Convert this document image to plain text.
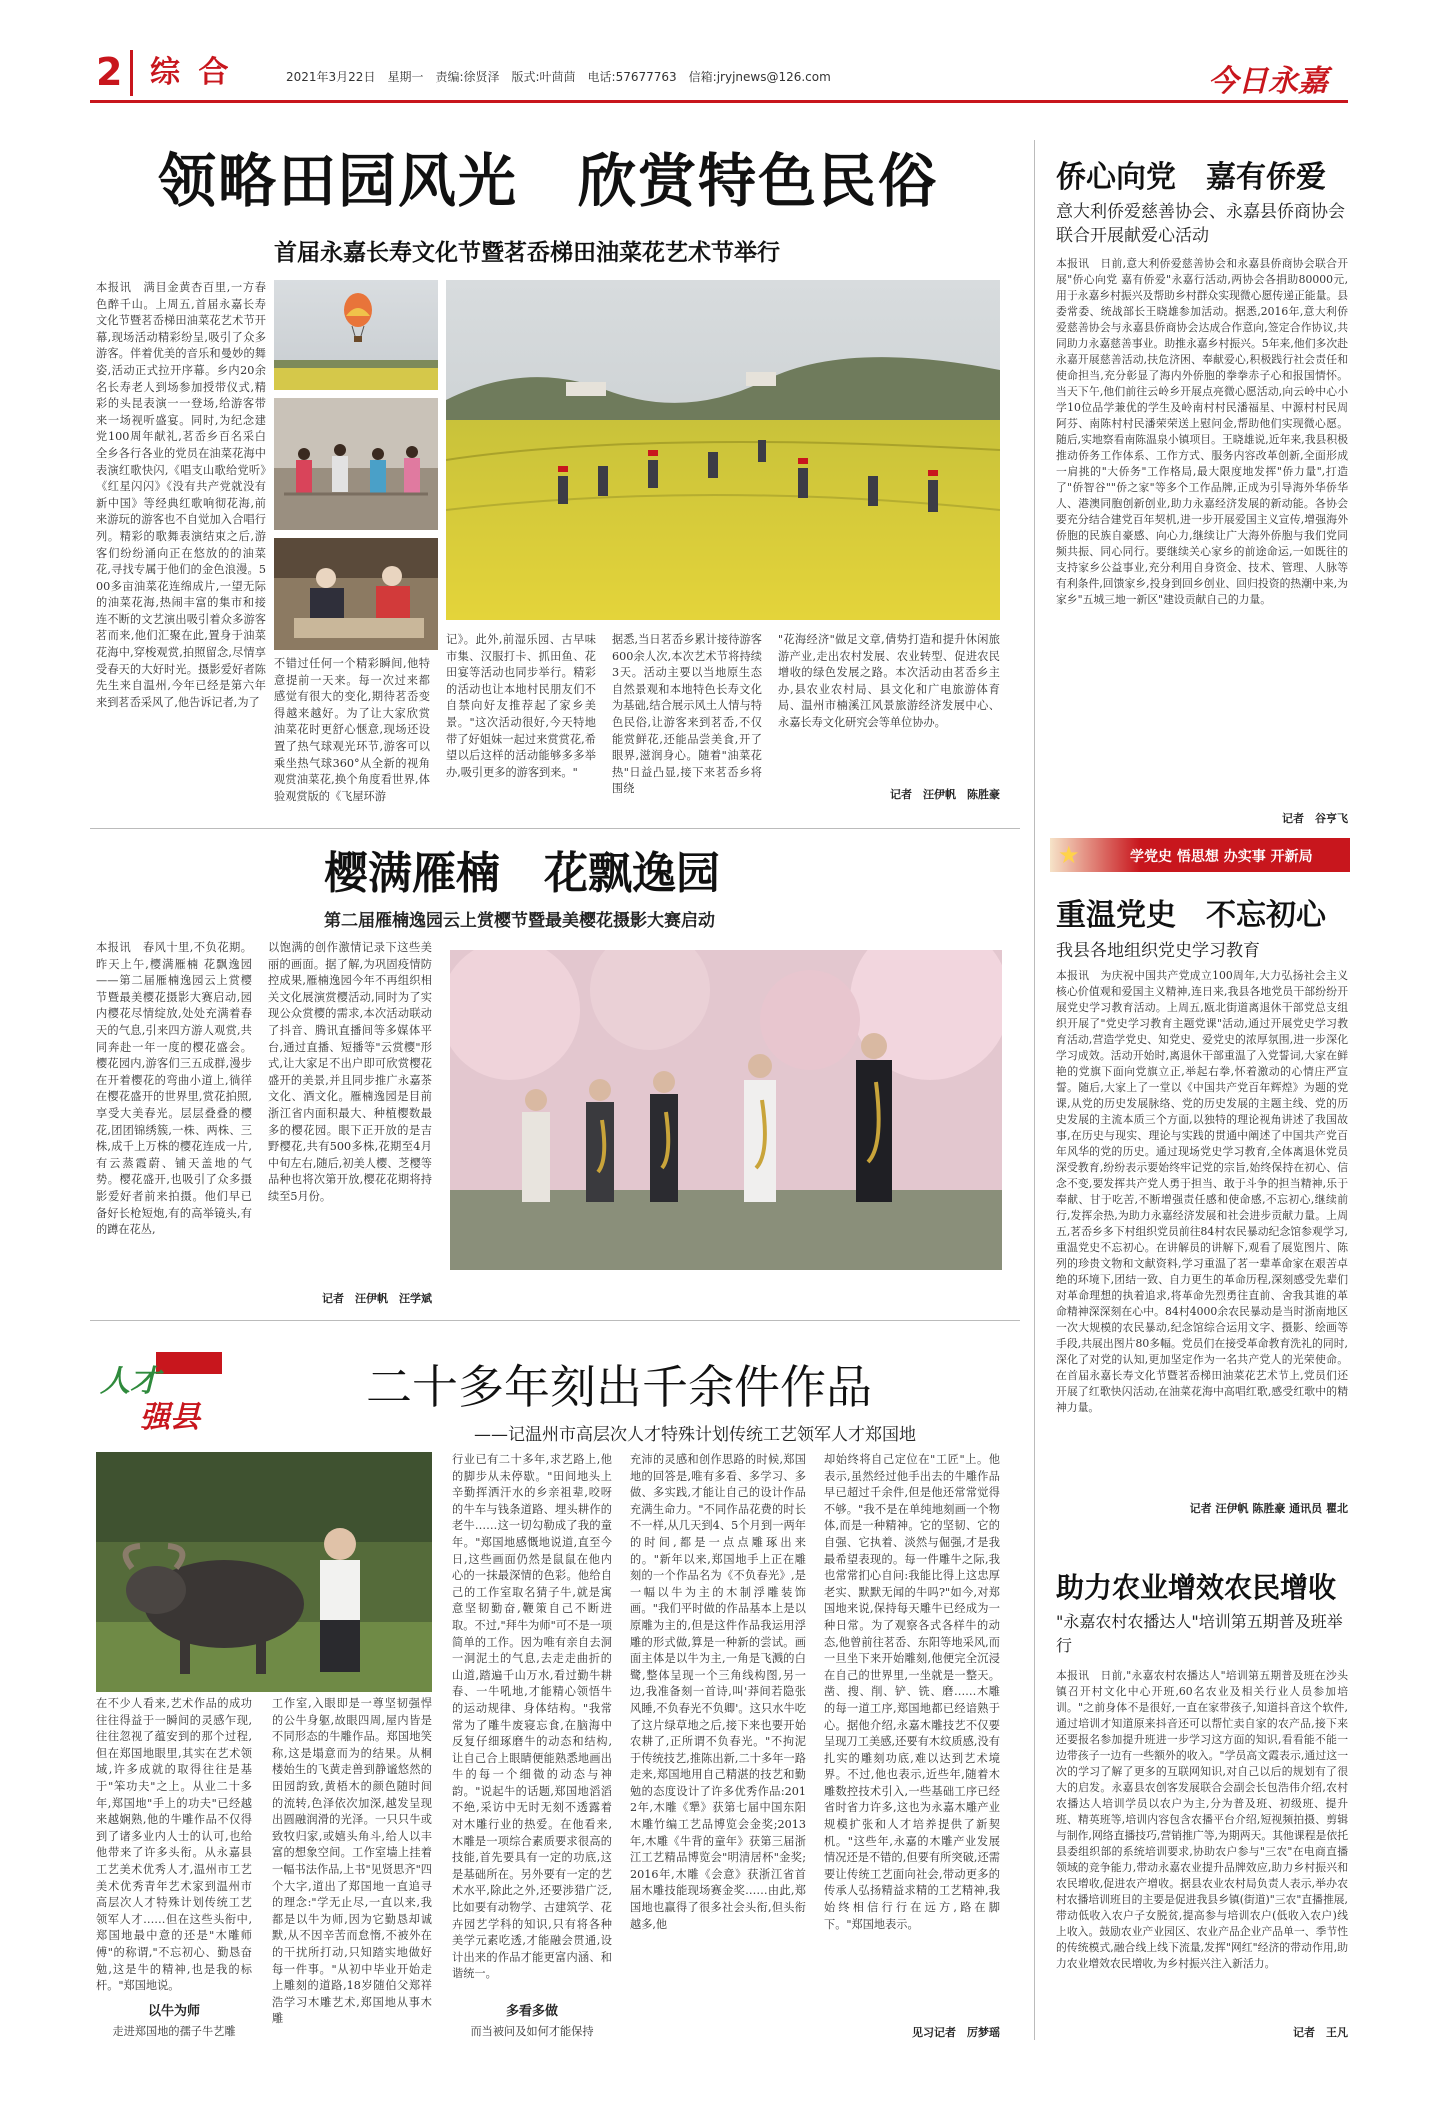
2 综 合	2021年3月22日　星期一　责编:徐贤泽　版式:叶茴茴　电话:57677763　信箱:jryjnews@126.com	今日永嘉
领略田园风光　欣赏特色民俗
首届永嘉长寿文化节暨茗岙梯田油菜花艺术节举行
本报讯　满目金黄杏百里,一方春色醉千山。上周五,首届永嘉长寿文化节暨茗岙梯田油菜花艺术节开幕,现场活动精彩纷呈,吸引了众多游客。伴着优美的音乐和曼妙的舞姿,活动正式拉开序幕。乡内20余名长寿老人到场参加授带仪式,精彩的头昆表演一一登场,给游客带来一场视听盛宴。同时,为纪念建党100周年献礼,茗岙乡百名采白全乡各行各业的党员在油菜花海中表演红歌快闪,《唱支山歌给党听》《红星闪闪》《没有共产党就没有新中国》等经典红歌响彻花海,前来游玩的游客也不自觉加入合唱行列。精彩的歌舞表演结束之后,游客们纷纷涌向正在悠放的的油菜花,寻找专属于他们的金色浪漫。500多亩油菜花连绵成片,一望无际的油菜花海,热闹丰富的集市和接连不断的文艺演出吸引着众多游客茗而来,他们汇聚在此,置身于油菜花海中,穿梭观赏,拍照留念,尽情享受春天的大好时光。摄影爱好者陈先生来自温州,今年已经是第六年来到茗岙采风了,他告诉记者,为了
不错过任何一个精彩瞬间,他特意提前一天来。每一次过来都感觉有很大的变化,期待茗岙变得越来越好。为了让大家欣赏油菜花时更舒心惬意,现场还设置了热气球观光环节,游客可以乘坐热气球360°从全新的视角观赏油菜花,换个角度看世界,体验观赏版的《飞屋环游
记》。此外,前湿乐园、古早味市集、汉服打卡、抓田鱼、花田宴等活动也同步举行。精彩的活动也让本地村民朋友们不自禁向好友推荐起了家乡美景。"这次活动很好,今天特地带了好姐妹一起过来赏赏花,希望以后这样的活动能够多多举办,吸引更多的游客到来。"
据悉,当日茗岙乡累计接待游客600余人次,本次艺术节将持续3天。活动主要以当地原生态自然景观和本地特色长寿文化为基础,结合展示风土人情与特色民俗,让游客来到茗岙,不仅能赏鲜花,还能品尝美食,开了眼界,滋润身心。随着"油菜花热"日益凸显,接下来茗岙乡将围绕
"花海经济"做足文章,倩势打造和提升休闲旅游产业,走出农村发展、农业转型、促进农民增收的绿色发展之路。本次活动由茗岙乡主办,县农业农村局、县文化和广电旅游体育局、温州市楠溪江风景旅游经济发展中心、永嘉长寿文化研究会等单位协办。
记者　汪伊帆　陈胜豪
侨心向党　嘉有侨爱
意大利侨爱慈善协会、永嘉县侨商协会联合开展献爱心活动
本报讯　日前,意大利侨爱慈善协会和永嘉县侨商协会联合开展"侨心向党 嘉有侨爱"永嘉行活动,两协会各捐助80000元,用于永嘉乡村振兴及帮助乡村群众实现微心愿传递正能量。县委常委、统战部长王晓雄参加活动。据悉,2016年,意大利侨爱慈善协会与永嘉县侨商协会达成合作意向,签定合作协议,共同助力永嘉慈善事业。助推永嘉乡村振兴。5年来,他们多次赴永嘉开展慈善活动,扶危济困、奉献爱心,积极践行社会责任和使命担当,充分彰显了海内外侨胞的拳拳赤子心和报国情怀。当天下午,他们前往云岭乡开展点亮微心愿活动,向云岭中心小学10位品学兼优的学生及岭南村村民潘福星、中源村村民周阿芬、南陈村村民潘荣荣送上慰问金,帮助他们实现微心愿。随后,实地察看南陈温泉小镇项目。王晓雄说,近年来,我县积极推动侨务工作体系、工作方式、服务内容改革创新,全面形成一肩挑的"大侨务"工作格局,最大限度地发挥"侨力量",打造了"侨智谷""侨之家"等多个工作品牌,正成为引导海外华侨华人、港澳同胞创新创业,助力永嘉经济发展的新动能。各协会要充分结合建党百年契机,进一步开展爱国主义宣传,增强海外侨胞的民族自豪感、向心力,继续让广大海外侨胞与我们党同频共振、同心同行。要继续关心家乡的前途命运,一如既往的支持家乡公益事业,充分利用自身资金、技术、管理、人脉等有利条件,回馈家乡,投身到回乡创业、回归投资的热潮中来,为家乡"五城三地一新区"建设贡献自己的力量。
记者　谷亨飞
★	学党史 悟思想 办实事 开新局
樱满雁楠　花飘逸园
第二届雁楠逸园云上赏樱节暨最美樱花摄影大赛启动
本报讯　春风十里,不负花期。昨天上午,樱满雁楠 花飘逸园——第二届雁楠逸园云上赏樱节暨最美樱花摄影大赛启动,园内樱花尽情绽放,处处充满着春天的气息,引来四方游人观赏,共同奔赴一年一度的樱花盛会。樱花园内,游客们三五成群,漫步在开着樱花的弯曲小道上,徜徉在樱花盛开的世界里,赏花拍照,享受大美春光。层层叠叠的樱花,团团锦绣簇,一株、两株、三株,成千上万株的樱花连成一片,有云蒸霞蔚、铺天盖地的气势。樱花盛开,也吸引了众多摄影爱好者前来拍摄。他们早已备好长枪短炮,有的高举镜头,有的蹲在花丛,
以饱满的创作激情记录下这些美丽的画面。据了解,为巩固疫情防控成果,雁楠逸园今年不再组织相关文化展演赏樱活动,同时为了实现公众赏樱的需求,本次活动联动了抖音、腾讯直播间等多媒体平台,通过直播、短播等"云赏樱"形式,让大家足不出户即可欣赏樱花盛开的美景,并且同步推广永嘉茶文化、酒文化。雁楠逸园是目前浙江省内面积最大、种植樱数最多的樱花园。眼下正开放的是吉野樱花,共有500多株,花期至4月中旬左右,随后,初美人樱、芝樱等品种也将次第开放,樱花花期将持续至5月份。
记者　汪伊帆　汪学斌
重温党史　不忘初心
我县各地组织党史学习教育
本报讯　为庆祝中国共产党成立100周年,大力弘扬社会主义核心价值观和爱国主义精神,连日来,我县各地党员干部纷纷开展党史学习教育活动。上周五,瓯北街道离退休干部党总支组织开展了"党史学习教育主题党课"活动,通过开展党史学习教育活动,营造学党史、知党史、爱党史的浓厚氛围,进一步深化学习成效。活动开始时,离退休干部重温了入党誓词,大家在鲜艳的党旗下面向党旗立正,举起右拳,怀着激动的心情庄严宣誓。随后,大家上了一堂以《中国共产党百年辉煌》为题的党课,从党的历史发展脉络、党的历史发展的主题主线、党的历史发展的主流本质三个方面,以独特的理论视角讲述了我国故事,在历史与现实、理论与实践的贯通中阐述了中国共产党百年风华的党的历史。通过现场党史学习教育,全体离退休党员深受教育,纷纷表示要始终牢记党的宗旨,始终保持在初心、信念不变,要发挥共产党人勇于担当、敢于斗争的担当精神,乐于奉献、甘于吃苦,不断增强责任感和使命感,不忘初心,继续前行,发挥余热,为助力永嘉经济发展和社会进步贡献力量。上周五,茗岙乡多下村组织党员前往84村农民暴动纪念馆参观学习,重温党史不忘初心。在讲解员的讲解下,观看了展览图片、陈列的珍贵文物和文献资料,学习重温了茗一辈革命家在艰苦卓绝的环境下,团结一致、自力更生的革命历程,深刻感受先辈们对革命理想的执着追求,将革命先烈勇往直前、舍我其谁的革命精神深深刻在心中。84村4000余农民暴动是当时浙南地区一次大规模的农民暴动,纪念馆综合运用文字、摄影、绘画等手段,共展出图片80多幅。党员们在接受革命教育洗礼的同时,深化了对党的认知,更加坚定作为一名共产党人的光荣使命。在首届永嘉长寿文化节暨茗岙梯田油菜花艺术节上,党员们还开展了红歌快闪活动,在油菜花海中高唱红歌,感受红歌中的精神力量。
记者 汪伊帆 陈胜豪 通讯员 瞿北
人才
强县
二十多年刻出千余件作品
——记温州市高层次人才特殊计划传统工艺领军人才郑国地
在不少人看来,艺术作品的成功往往得益于一瞬间的灵感乍现,往往忽视了蕴安到的那个过程,但在郑国地眼里,其实在艺术领域,许多成就的取得往往是基于"笨功夫"之上。从业二十多年,郑国地"手上的功夫"已经越来越娴熟,他的牛雕作品不仅得到了诸多业内人士的认可,也给他带来了许多头衔。从永嘉县工艺美术优秀人才,温州市工艺美术优秀青年艺术家到温州市高层次人才特殊计划传统工艺领军人才……但在这些头衔中,郑国地最中意的还是"木雕师傅"的称谓,"不忘初心、勤恳奋勉,这是牛的精神,也是我的标杆。"郑国地说。
以牛为师
走进郑国地的孺子牛艺雕
工作室,入眼即是一尊坚韧强悍的公牛身躯,故眼四周,屋内皆是不同形态的牛雕作品。郑国地笑称,这是塌意而为的结果。从桐楼始生的飞黄走兽到静谧悠然的田园韵致,黄梧木的颜色随时间的流转,色泽依次加深,越发呈现出圆融润滑的光泽。一只只牛或致牧归家,或嬉头角斗,给人以丰富的想象空间。工作室墙上挂着一幅书法作品,上书"见贤思齐"四个大字,道出了郑国地一直追寻的理念:"学无止尽,一直以来,我都是以牛为师,因为它勤恳却诚默,从不因辛苦而怠惰,不被外在的干扰所打动,只知踏实地做好每一件事。"从初中毕业开始走上雕刻的道路,18岁随伯父郑祥浩学习木雕艺术,郑国地从事木雕
行业已有二十多年,求艺路上,他的脚步从未停歇。"田间地头上辛勤挥洒汗水的乡亲祖辈,咬呀的牛车与钱条道路、埋头耕作的老牛……这一切勾勒成了我的童年。"郑国地感慨地说道,直至今日,这些画面仍然是鼠鼠在他内心的一抹最深情的色彩。他给自己的工作室取名猜子牛,就是寓意坚韧勤奋,鞭策自己不断进取。不过,"拜牛为师"可不是一项简单的工作。因为唯有亲自去洞一洞泥土的气息,去走走曲折的山道,踏遍千山万水,看过勤牛耕春、一牛吼地,才能精心领悟牛的运动规律、身体结构。"我常常为了雕牛废寝忘食,在脑海中反复仔细琢磨牛的动态和结构,让自己合上眼睛便能熟悉地画出牛的每一个细微的动态与神韵。"说起牛的话题,郑国地滔滔不绝,采访中无时无刻不透露着对木雕行业的热爱。在他看来,木雕是一项综合素质要求很高的技能,首先要具有一定的功底,这是基础所在。另外要有一定的艺术水平,除此之外,还要涉猎广泛,比如要有动物学、古建筑学、花卉园艺学科的知识,只有将各种美学元素吃透,才能融会贯通,设计出来的作品才能更富内涵、和谐统一。
多看多做
而当被问及如何才能保持
充沛的灵感和创作思路的时候,郑国地的回答是,唯有多看、多学习、多做、多实践,才能让自己的设计作品充满生命力。"不同作品花费的时长不一样,从几天到4、5个月到一两年的时间,都是一点点雕琢出来的。"新年以来,郑国地手上正在雕刻的一个作品名为《不负春光》,是一幅以牛为主的木制浮雕装饰画。"我们平时做的作品基本上是以原雕为主的,但是这件作品我运用浮雕的形式做,算是一种新的尝试。画面主体是以牛为主,一角是飞溅的白鹭,整体呈现一个三角线构图,另一边,我准备刻一首诗,叫'莽间若隐张风睡,不负春光不负卿'。这只水牛吃了这片绿草地之后,接下来也要开始农耕了,正所谓不负春光。"不拘泥于传统技艺,推陈出新,二十多年一路走来,郑国地用自己精湛的技艺和勤勉的态度设计了许多优秀作品:2012年,木雕《犟》获第七届中国东阳木雕竹编工艺品博览会金奖;2013年,木雕《牛背的童年》获第三届浙江工艺精品博览会"明清居杯"金奖;2016年,木雕《会意》获浙江省首届木雕技能现场赛金奖……由此,郑国地也赢得了很多社会头衔,但头衔越多,他
却始终将自己定位在"工匠"上。他表示,虽然经过他手出去的牛雕作品早已超过千余件,但是他还常常觉得不够。"我不是在单纯地刻画一个物体,而是一种精神。它的坚韧、它的自强、它执着、淡然与倔强,才是我最希望表现的。每一件雕牛之际,我也常常扪心自问:我能比得上这忠厚老实、默默无闻的牛吗?"如今,对郑国地来说,保持每天雕牛已经成为一种日常。为了观察各式各样牛的动态,他曾前往茗岙、东阳等地采风,而一旦坐下来开始雕刻,他便完全沉浸在自己的世界里,一坐就是一整天。凿、搜、削、铲、铣、磨……木雕的每一道工序,郑国地都已经谙熟于心。据他介绍,永嘉木雕技艺不仅要呈现刀工美感,还要有木纹质感,没有扎实的雕刻功底,难以达到艺术境界。不过,他也表示,近些年,随着木雕数控技术引入,一些基础工序已经省时省力许多,这也为永嘉木雕产业规模扩张和人才培养提供了新契机。"这些年,永嘉的木雕产业发展情况还是不错的,但要有所突破,还需要让传统工艺面向社会,带动更多的传承人弘扬精益求精的工艺精神,我始终相信行行在远方,路在脚下。"郑国地表示。
见习记者　厉梦瑶
助力农业增效农民增收
"永嘉农村农播达人"培训第五期普及班举行
本报讯　日前,"永嘉农村农播达人"培训第五期普及班在沙头镇召开村文化中心开班,60名农业及相关行业人员参加培训。"之前身体不是很好,一直在家带孩子,知道抖音这个软件,通过培训才知道原来抖音还可以帮忙卖自家的农产品,接下来还要报名参加提升班进一步学习这方面的知识,看看能不能一边带孩子一边有一些额外的收入。"学员高文霞表示,通过这一次的学习了解了更多的互联网知识,对自己以后的规划有了很大的启发。永嘉县农创客发展联合会副会长包浩伟介绍,农村农播达人培训学员以农户为主,分为普及班、初级班、提升班、精英班等,培训内容包含农播平台介绍,短视频拍摄、剪辑与制作,网络直播技巧,营销推广等,为期两天。其他课程是依托县委组织部的系统培训要求,协助农户参与"三农"在电商直播领域的竞争能力,带动永嘉农业提升品牌效应,助力乡村振兴和农民增收,促进农产增收。据县农业农村局负责人表示,举办农村农播培训班目的主要是促进我县乡镇(街道)"三农"直播推展,带动低收入农户子女脱贫,提高参与培训农户(低收入农户)线上收入。鼓励农业产业园区、农业产品企业产品单一、季节性的传统模式,融合线上线下流量,发挥"网红"经济的带动作用,助力农业增效农民增收,为乡村振兴注入新活力。
记者　王凡
